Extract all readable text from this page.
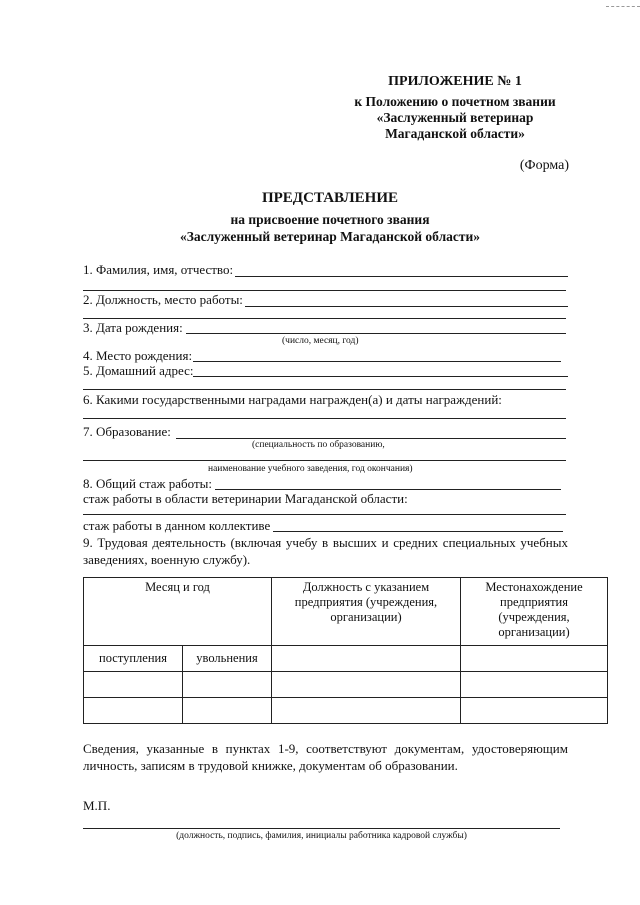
ПРИЛОЖЕНИЕ № 1
к Положению о почетном звании
«Заслуженный ветеринар
Магаданской области»
(Форма)
ПРЕДСТАВЛЕНИЕ
на присвоение почетного звания
«Заслуженный ветеринар Магаданской области»
1. Фамилия, имя, отчество:
2. Должность, место работы:
3. Дата рождения:
(число, месяц, год)
4. Место рождения:
5. Домашний адрес:
6. Какими государственными наградами награжден(а) и даты награждений:
7. Образование:
(специальность по образованию,
наименование учебного заведения, год окончания)
8. Общий стаж работы:
стаж работы в области ветеринарии Магаданской области:
стаж работы в данном коллективе
9. Трудовая деятельность (включая учебу в высших и средних специальных учебных заведениях, военную службу).
Месяц и год		Должность с указанием предприятия (учреждения, организации)	Местонахождение предприятия (учреждения, организации)
поступления	увольнения		

Сведения, указанные в пунктах 1-9, соответствуют документам, удостоверяющим личность, записям в трудовой книжке, документам об образовании.
М.П.
(должность, подпись, фамилия, инициалы работника кадровой службы)
